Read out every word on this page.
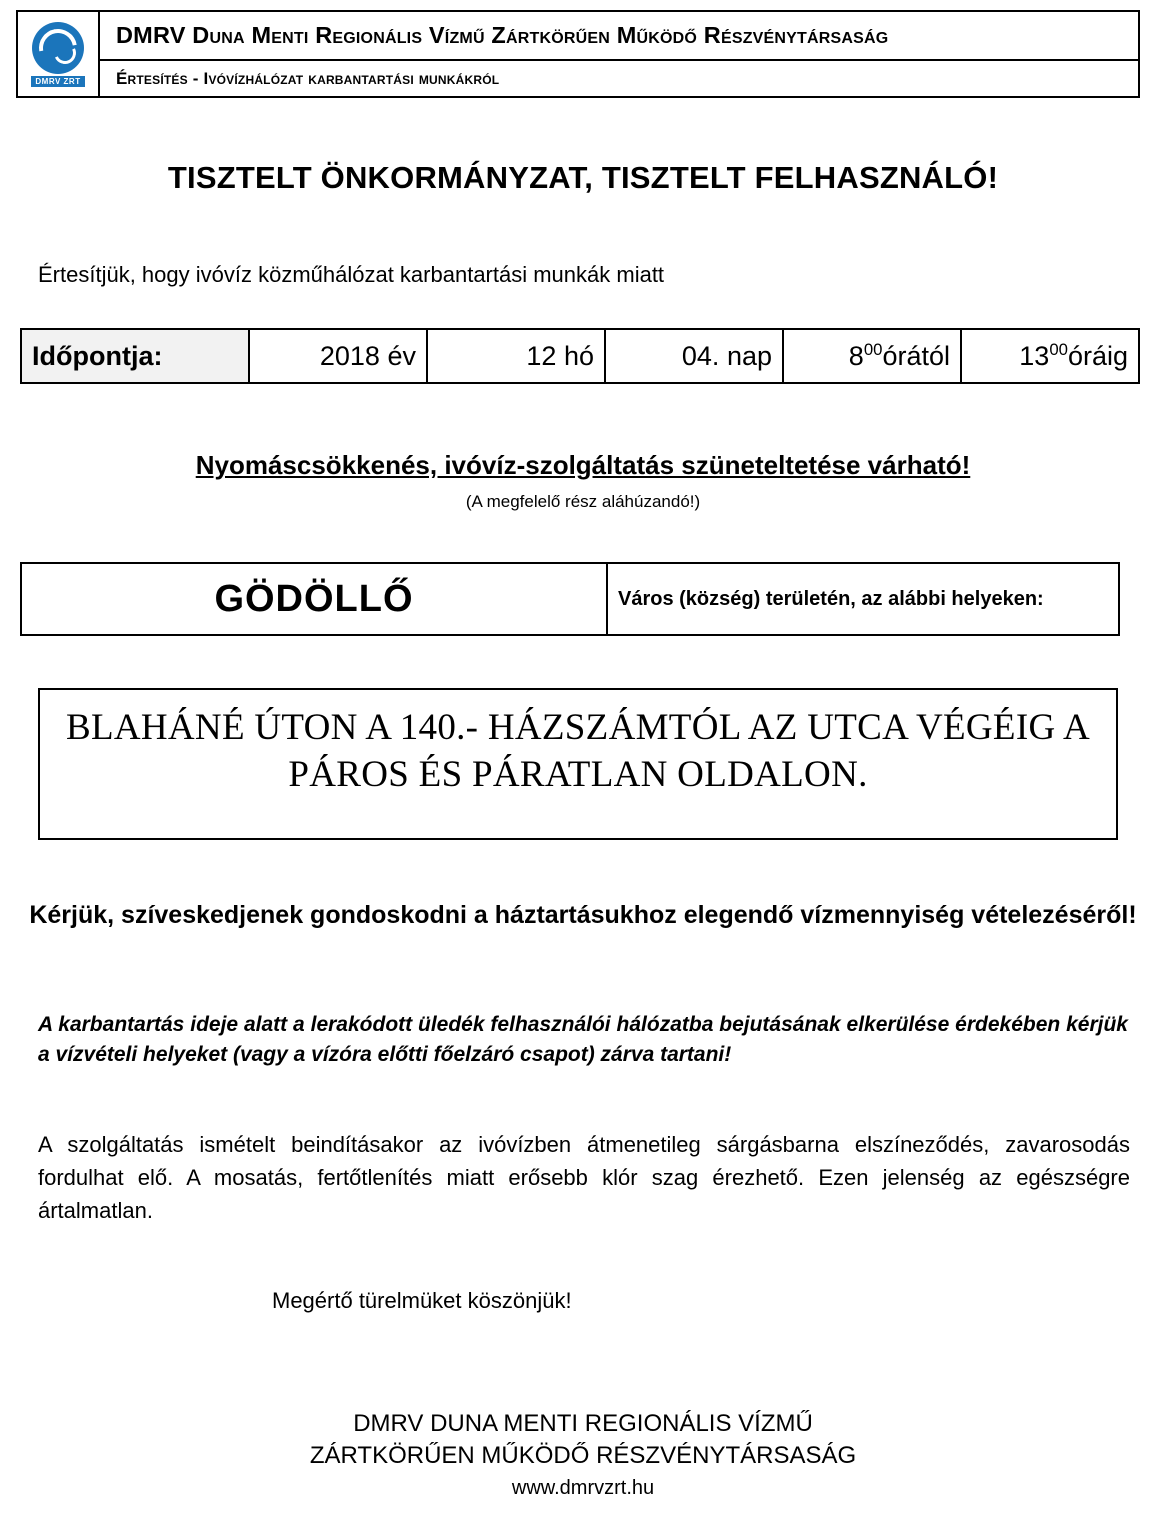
DMRV ZRT
DMRV Duna Menti Regionális Vízmű Zártkörűen Működő Részvénytársaság
Értesítés - Ivóvízhálózat karbantartási munkákról
TISZTELT ÖNKORMÁNYZAT, TISZTELT FELHASZNÁLÓ!
Értesítjük, hogy ivóvíz közműhálózat karbantartási munkák miatt
Időpontja:	2018 év	12 hó	04. nap	$8^{00}órától$	$13^{00}óráig$
Nyomáscsökkenés, ivóvíz-szolgáltatás szüneteltetése várható!
(A megfelelő rész aláhúzandó!)
GÖDÖLLŐ	Város (község) területén, az alábbi helyeken:
BLAHÁNÉ ÚTON A 140.- HÁZSZÁMTÓL AZ UTCA VÉGÉIG A PÁROS ÉS PÁRATLAN OLDALON.
Kérjük, szíveskedjenek gondoskodni a háztartásukhoz elegendő vízmennyiség vételezéséről!
A karbantartás ideje alatt a lerakódott üledék felhasználói hálózatba bejutásának elkerülése érdekében kérjük a vízvételi helyeket (vagy a vízóra előtti főelzáró csapot) zárva tartani!
A szolgáltatás ismételt beindításakor az ivóvízben átmenetileg sárgásbarna elszíneződés, zavarosodás fordulhat elő. A mosatás, fertőtlenítés miatt erősebb klór szag érezhető. Ezen jelenség az egészségre ártalmatlan.
Megértő türelmüket köszönjük!
DMRV DUNA MENTI REGIONÁLIS VÍZMŰ
ZÁRTKÖRŰEN MŰKÖDŐ RÉSZVÉNYTÁRSASÁG
www.dmrvzrt.hu
